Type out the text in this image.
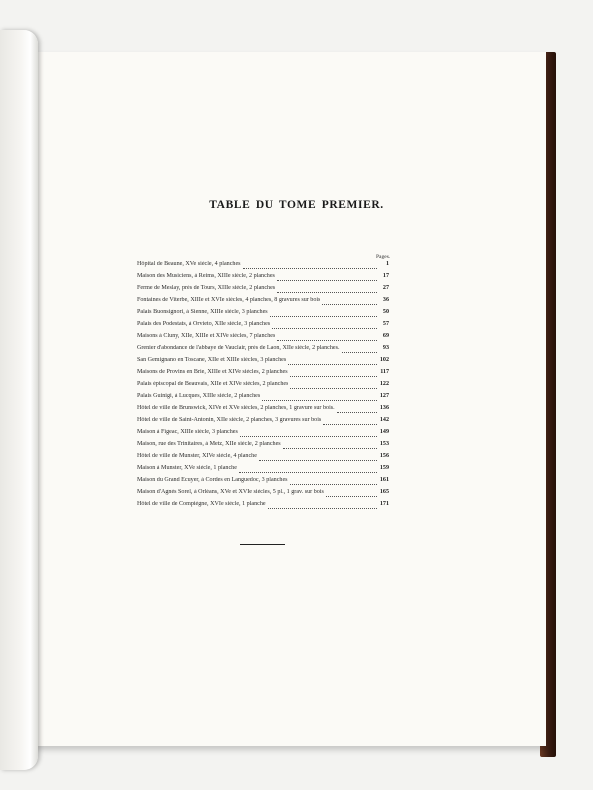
TABLE DU TOME PREMIER.
Pages.
Hôpital de Beaune, XVe siècle, 4 planches	1
Maison des Musiciens, à Reims, XIIIe siècle, 2 planches	17
Ferme de Meslay, près de Tours, XIIIe siècle, 2 planches	27
Fontaines de Viterbe, XIIIe et XVIe siècles, 4 planches, 8 gravures sur bois	36
Palais Buonsignori, à Sienne, XIIIe siècle, 3 planches	50
Palais des Podestats, à Orvieto, XIIe siècle, 3 planches	57
Maisons à Cluny, XIIe, XIIIe et XIVe siècles, 7 planches	69
Grenier d'abondance de l'abbaye de Vauclair, près de Laon, XIIe siècle, 2 planches.	93
San Gemignano en Toscane, XIIe et XIIIe siècles, 3 planches	102
Maisons de Provins en Brie, XIIIe et XIVe siècles, 2 planches	117
Palais épiscopal de Beauvais, XIIe et XIVe siècles, 2 planches	122
Palais Guinigi, à Lucques, XIIIe siècle, 2 planches	127
Hôtel de ville de Brunswick, XIVe et XVe siècles, 2 planches, 1 gravure sur bois.	136
Hôtel de ville de Saint-Antonin, XIIe siècle, 2 planches, 3 gravures sur bois	142
Maison à Figeac, XIIIe siècle, 3 planches	149
Maison, rue des Trinitaires, à Metz, XIIe siècle, 2 planches	153
Hôtel de ville de Munster, XIVe siècle, 4 planche	156
Maison à Munster, XVe siècle, 1 planche	159
Maison du Grand Écuyer, à Cordes en Languedoc, 3 planches	161
Maison d'Agnès Sorel, à Orléans, XVe et XVIe siècles, 5 pl., 1 grav. sur bois	165
Hôtel de ville de Compiègne, XVIe siècle, 1 planche	171
